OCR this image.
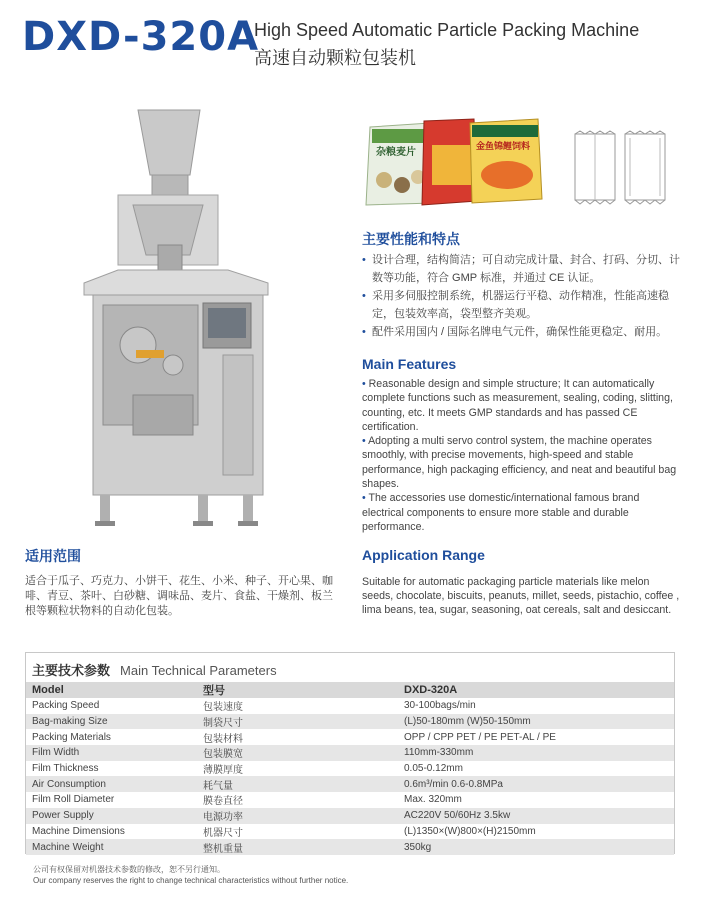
DXD-320A
High Speed Automatic Particle Packing Machine
高速自动颗粒包装机
杂粮麦片	金鱼锦鲤饲料
主要性能和特点
• 设计合理，结构简洁；可自动完成计量、封合、打码、分切、计数等功能，符合 GMP 标准，并通过 CE 认证。
• 采用多伺服控制系统，机器运行平稳、动作精准，性能高速稳定，包装效率高，袋型整齐美观。
• 配件采用国内 / 国际名牌电气元件，确保性能更稳定、耐用。
Main Features
• Reasonable design and simple structure; It can automatically complete functions such as measurement, sealing, coding, slitting, counting, etc. It meets GMP standards and has passed CE certification.
• Adopting a multi servo control system, the machine operates smoothly, with precise movements, high-speed and stable performance, high packaging efficiency, and neat and beautiful bag shapes.
• The accessories use domestic/international famous brand electrical components to ensure more stable and durable performance.
适用范围
适合于瓜子、巧克力、小饼干、花生、小米、种子、开心果、咖啡、青豆、茶叶、白砂糖、调味品、麦片、食盐、干燥剂、板兰根等颗粒状物料的自动化包装。
Application Range
Suitable for automatic packaging particle materials like melon seeds, chocolate, biscuits, peanuts, millet, seeds, pistachio, coffee , lima beans, tea, sugar, seasoning, oat cereals, salt and desiccant.
主要技术参数 Main Technical Parameters
Model	型号	DXD-320A
Packing Speed	包装速度	30-100bags/min
Bag-making Size	制袋尺寸	(L)50-180mm (W)50-150mm
Packing Materials	包装材料	OPP / CPP PET / PE PET-AL / PE
Film Width	包装膜宽	110mm-330mm
Film Thickness	薄膜厚度	0.05-0.12mm
Air Consumption	耗气量	0.6m³/min 0.6-0.8MPa
Film Roll Diameter	膜卷直径	Max. 320mm
Power Supply	电源功率	AC220V 50/60Hz 3.5kw
Machine Dimensions	机器尺寸	(L)1350×(W)800×(H)2150mm
Machine Weight	整机重量	350kg
公司有权保留对机器技术参数的修改，恕不另行通知。
Our company reserves the right to change technical characteristics without further notice.
